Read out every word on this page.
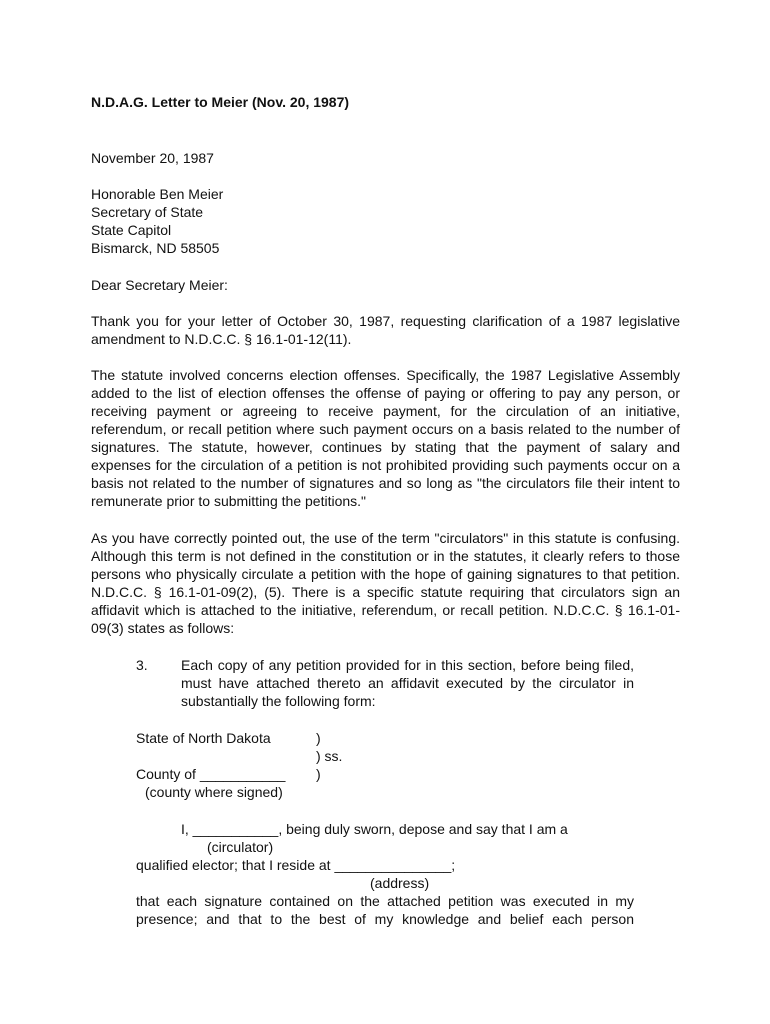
N.D.A.G. Letter to Meier (Nov. 20, 1987)
November 20, 1987
Honorable Ben Meier
Secretary of State
State Capitol
Bismarck, ND 58505
Dear Secretary Meier:
Thank you for your letter of October 30, 1987, requesting clarification of a 1987 legislative amendment to N.D.C.C. § 16.1-01-12(11).
The statute involved concerns election offenses. Specifically, the 1987 Legislative Assembly added to the list of election offenses the offense of paying or offering to pay any person, or receiving payment or agreeing to receive payment, for the circulation of an initiative, referendum, or recall petition where such payment occurs on a basis related to the number of signatures. The statute, however, continues by stating that the payment of salary and expenses for the circulation of a petition is not prohibited providing such payments occur on a basis not related to the number of signatures and so long as "the circulators file their intent to remunerate prior to submitting the petitions."
As you have correctly pointed out, the use of the term "circulators" in this statute is confusing. Although this term is not defined in the constitution or in the statutes, it clearly refers to those persons who physically circulate a petition with the hope of gaining signatures to that petition. N.D.C.C. § 16.1-01-09(2), (5). There is a specific statute requiring that circulators sign an affidavit which is attached to the initiative, referendum, or recall petition. N.D.C.C. § 16.1-01-09(3) states as follows:
3. Each copy of any petition provided for in this section, before being filed, must have attached thereto an affidavit executed by the circulator in substantially the following form:
State of North Dakota	)
) ss.
County of ___________ )
(county where signed)
I, ___________, being duly sworn, depose and say that I am a
(circulator)
qualified elector; that I reside at _______________;
(address)
that each signature contained on the attached petition was executed in my presence; and that to the best of my knowledge and belief each person
